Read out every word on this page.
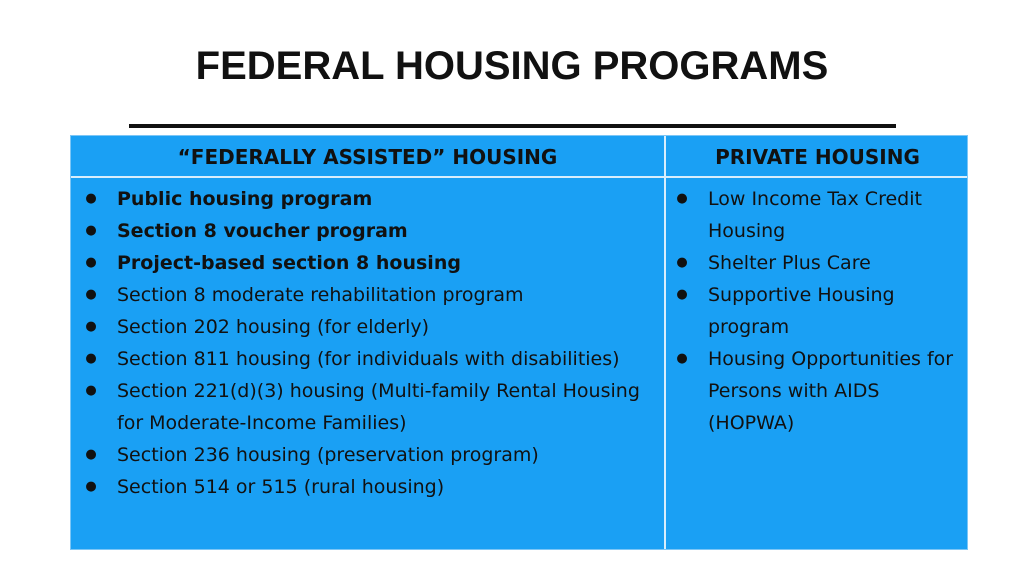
FEDERAL HOUSING PROGRAMS
“FEDERALLY ASSISTED” HOUSING	PRIVATE HOUSING
● Public housing program
● Section 8 voucher program
● Project-based section 8 housing
● Section 8 moderate rehabilitation program
● Section 202 housing (for elderly)
● Section 811 housing (for individuals with disabilities)
● Section 221(d)(3) housing (Multi-family Rental Housing for Moderate-Income Families)
● Section 236 housing (preservation program)
● Section 514 or 515 (rural housing)
● Low Income Tax Credit Housing
● Shelter Plus Care
● Supportive Housing program
● Housing Opportunities for Persons with AIDS (HOPWA)
